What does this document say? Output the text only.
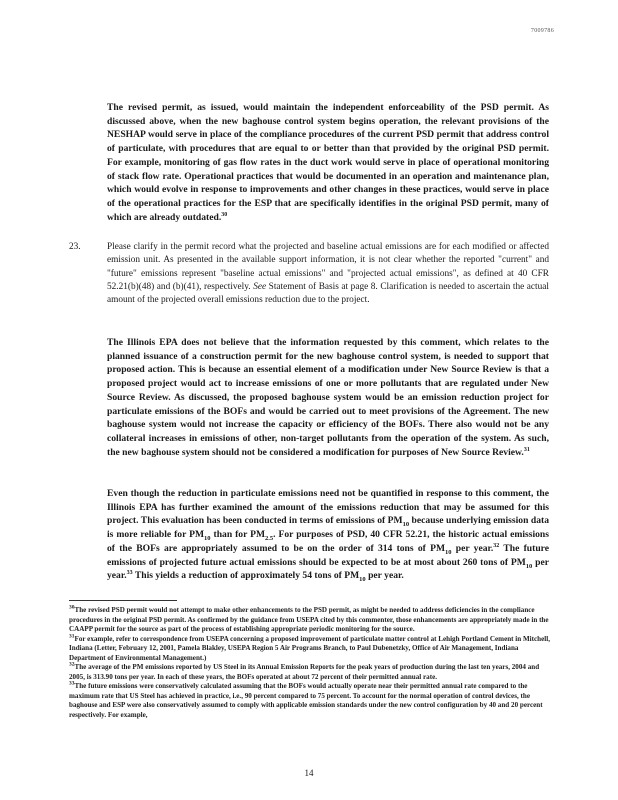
7009786

The revised permit, as issued, would maintain the independent enforceability of the PSD permit. As discussed above, when the new baghouse control system begins operation, the relevant provisions of the NESHAP would serve in place of the compliance procedures of the current PSD permit that address control of particulate, with procedures that are equal to or better than that provided by the original PSD permit. For example, monitoring of gas flow rates in the duct work would serve in place of operational monitoring of stack flow rate. Operational practices that would be documented in an operation and maintenance plan, which would evolve in response to improvements and other changes in these practices, would serve in place of the operational practices for the ESP that are specifically identifies in the original PSD permit, many of which are already outdated.$^{30}$

23.	Please clarify in the permit record what the projected and baseline actual emissions are for each modified or affected emission unit. As presented in the available support information, it is not clear whether the reported "current" and "future" emissions represent "baseline actual emissions" and "projected actual emissions", as defined at 40 CFR 52.21(b)(48) and (b)(41), respectively. See Statement of Basis at page 8. Clarification is needed to ascertain the actual amount of the projected overall emissions reduction due to the project.

The Illinois EPA does not believe that the information requested by this comment, which relates to the planned issuance of a construction permit for the new baghouse control system, is needed to support that proposed action. This is because an essential element of a modification under New Source Review is that a proposed project would act to increase emissions of one or more pollutants that are regulated under New Source Review. As discussed, the proposed baghouse system would be an emission reduction project for particulate emissions of the BOFs and would be carried out to meet provisions of the Agreement. The new baghouse system would not increase the capacity or efficiency of the BOFs. There also would not be any collateral increases in emissions of other, non-target pollutants from the operation of the system. As such, the new baghouse system should not be considered a modification for purposes of New Source Review.$^{31}$

Even though the reduction in particulate emissions need not be quantified in response to this comment, the Illinois EPA has further examined the amount of the emissions reduction that may be assumed for this project. This evaluation has been conducted in terms of emissions of $PM_{10}$ because underlying emission data is more reliable for $PM_{10}$ than for $PM_{2.5}$. For purposes of PSD, 40 CFR 52.21, the historic actual emissions of the BOFs are appropriately assumed to be on the order of 314 tons of $PM_{10}$ per year.$^{32}$ The future emissions of projected future actual emissions should be expected to be at most about 260 tons of $PM_{10}$ per year.$^{33}$ This yields a reduction of approximately 54 tons of $PM_{10}$ per year.

$^{30}$The revised PSD permit would not attempt to make other enhancements to the PSD permit, as might be needed to address deficiencies in the compliance procedures in the original PSD permit. As confirmed by the guidance from USEPA cited by this commenter, those enhancements are appropriately made in the CAAPP permit for the source as part of the process of establishing appropriate periodic monitoring for the source.

$^{31}$For example, refer to correspondence from USEPA concerning a proposed improvement of particulate matter control at Lehigh Portland Cement in Mitchell, Indiana (Letter, February 12, 2001, Pamela Blakley, USEPA Region 5 Air Programs Branch, to Paul Dubenetzky, Office of Air Management, Indiana Department of Environmental Management.)

$^{32}$The average of the PM emissions reported by US Steel in its Annual Emission Reports for the peak years of production during the last ten years, 2004 and 2005, is 313.90 tons per year. In each of these years, the BOFs operated at about 72 percent of their permitted annual rate.

$^{33}$The future emissions were conservatively calculated assuming that the BOFs would actually operate near their permitted annual rate compared to the maximum rate that US Steel has achieved in practice, i.e., 90 percent compared to 75 percent. To account for the normal operation of control devices, the baghouse and ESP were also conservatively assumed to comply with applicable emission standards under the new control configuration by 40 and 20 percent respectively. For example,

14
